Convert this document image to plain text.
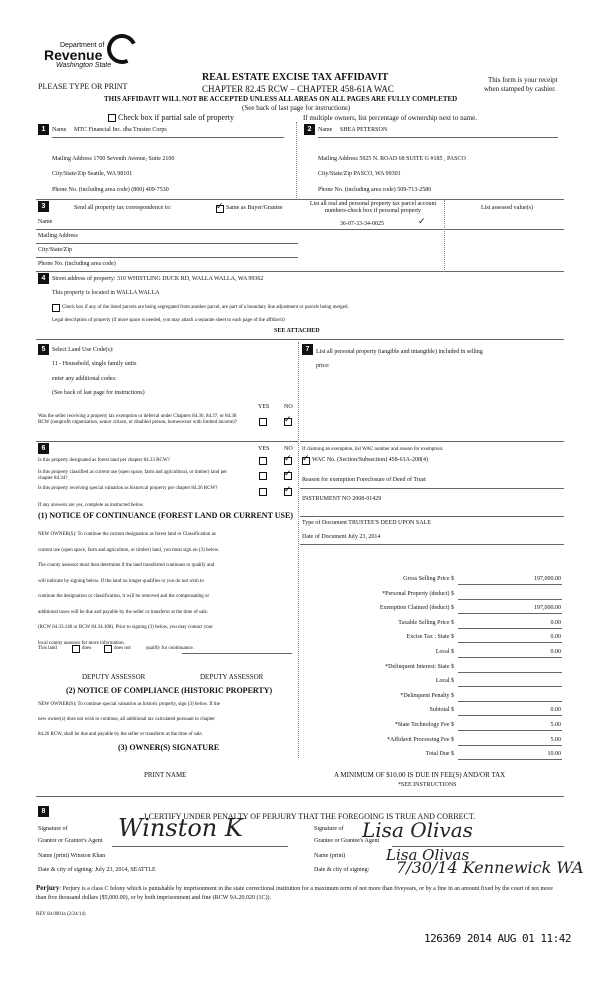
Department of
Revenue
Washington State
PLEASE TYPE OR PRINT
REAL ESTATE EXCISE TAX AFFIDAVIT
CHAPTER 82.45 RCW – CHAPTER 458-61A WAC
THIS AFFIDAVIT WILL NOT BE ACCEPTED UNLESS ALL AREAS ON ALL PAGES ARE FULLY COMPLETED
(See back of last page for instructions)
This form is your receipt
when stamped by cashier.
Check box if partial sale of property	If multiple owners, list percentage of ownership next to name.
1	Name MTC Financial Inc. dba Trustee Corps
Mailing Address 1700 Seventh Avenue, Suite 2100
City/State/Zip Seattle, WA 98101
Phone No. (including area code) (800) 409-7530
2	Name SHEA PETERSON
Mailing Address 5025 N. ROAD 68 SUITE G #185 , PASCO
City/State/Zip PASCO, WA 99301
Phone No. (including area code) 509-713-2580
3	Send all property tax correspondence to:
✓	Same as Buyer/Grantee
List all real and personal property tax parcel account numbers-check box if personal property	List assessed value(s)
Name	36-07-33-34-0025	✓
Mailing Address
City/State/Zip
Phone No. (including area code)
4	Street address of property: 310 WHISTLING DUCK RD, WALLA WALLA, WA 99362
This property is located in WALLA WALLA
Check box if any of the listed parcels are being segregated from another parcel, are part of a boundary line adjustment or parcels being merged.
Legal description of property (if more space is needed, you may attach a separate sheet to each page of the affidavit)
SEE ATTACHED
5	Select Land Use Code(s):
11 - Household, single family units
enter any additional codes:
(See back of last page for instructions)
YES NO
Was the seller receiving a property tax exemption or deferral under Chapters 84.36, 84.37, or 84.38 RCW (nonprofit organization, senior citizen, or disabled person, homeowner with limited income)?
✓
7	List all personal property (tangible and intangible) included in selling
price:
6	YES NO
Is this property designated as forest land per chapter 84.33 RCW?
✓
Is this property classified as current use (open space, farm and agricultural, or timber) land per chapter 84.34?
✓
Is this property receiving special valuation as historical property per chapter 84.26 RCW?
✓
If any answers are yes, complete as instructed below.
(1) NOTICE OF CONTINUANCE (FOREST LAND OR CURRENT USE)
NEW OWNER(S): To continue the current designation as forest land or Classification as
current use (open space, farm and agriculture, or timber) land, you must sign on (3) below.
The county assessor must then determine if the land transferred continues to qualify and
will indicate by signing below. If the land no longer qualifies or you do not wish to
continue the designation or classification, it will be removed and the compensating or
additional taxes will be due and payable by the seller or transferor at the time of sale.
(RCW 84.33.140 or RCW 84.34.108). Prior to signing (3) below, you may contact your
local county assessor for more information.
This land	does	does not	qualify for continuance.
DEPUTY ASSESSOR	DEPUTY ASSESSOR
(2) NOTICE OF COMPLIANCE (HISTORIC PROPERTY)
NEW OWNER(S): To continue special valuation as historic property, sign (3) below. If the
new owner(s) does not wish to continue, all additional tax calculated pursuant to chapter
84.26 RCW, shall be due and payable by the seller or transferor at the time of sale.
(3) OWNER(S) SIGNATURE
PRINT NAME
If claiming an exemption, list WAC number and reason for exemption:
✓
WAC No. (Section/Subsection) 458-61A-208(4)
Reason for exemption Foreclosure of Deed of Trust
INSTRUMENT NO 2008-01429
Type of Document TRUSTEE'S DEED UPON SALE
Date of Document July 23, 2014
Gross Selling Price $	197,000.00
*Personal Property (deduct) $
Exemption Claimed (deduct) $	197,000.00
Taxable Selling Price $	0.00
Excise Tax : State $	0.00
Local $	0.00
*Delinquent Interest: State $
Local $
*Delinquent Penalty $
Subtotal $	0.00
*State Technology Fee $	5.00
*Affidavit Processing Fee $	5.00
Total Due $	10.00
A MINIMUM OF $10.00 IS DUE IN FEE(S) AND/OR TAX
*SEE INSTRUCTIONS
8
I CERTIFY UNDER PENALTY OF PERJURY THAT THE FOREGOING IS TRUE AND CORRECT.
Signature of
Grantor or Grantor's Agent Winston K
Name (print) Winston Khan
Date & city of signing: July 23, 2014, SEATTLE
Signature of
Grantee or Grantee's Agent
Lisa Olivas
Name (print)	Lisa Olivas
Date & city of signing: 7/30/14 Kennewick WA
Perjury: Perjury is a class C felony which is punishable by imprisonment in the state correctional institution for a maximum term of not more than fiveyears, or by a fine in an amount fixed by the court of not more than five thousand dollars ($5,000.00), or by both imprisonment and fine (RCW 9A.20.020 (1C)).
REV 84 0001a (2/24/14)
126369 2014 AUG 01 11:42
